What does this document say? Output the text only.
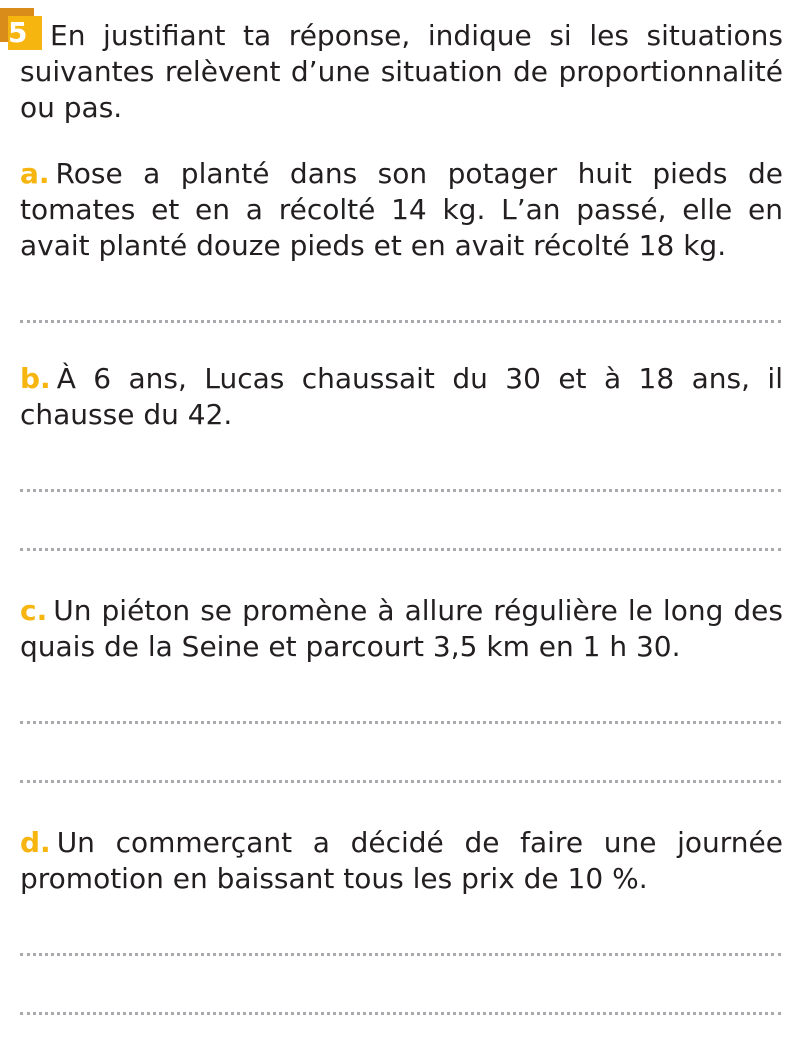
5 En justifiant ta réponse, indique si les situations suivantes relèvent d’une situation de proportionnalité ou pas.

a. Rose a planté dans son potager huit pieds de tomates et en a récolté 14 kg. L’an passé, elle en avait planté douze pieds et en avait récolté 18 kg.

b. À 6 ans, Lucas chaussait du 30 et à 18 ans, il chausse du 42.

c. Un piéton se promène à allure régulière le long des quais de la Seine et parcourt 3,5 km en 1 h 30.

d. Un commerçant a décidé de faire une journée promotion en baissant tous les prix de 10 %.
